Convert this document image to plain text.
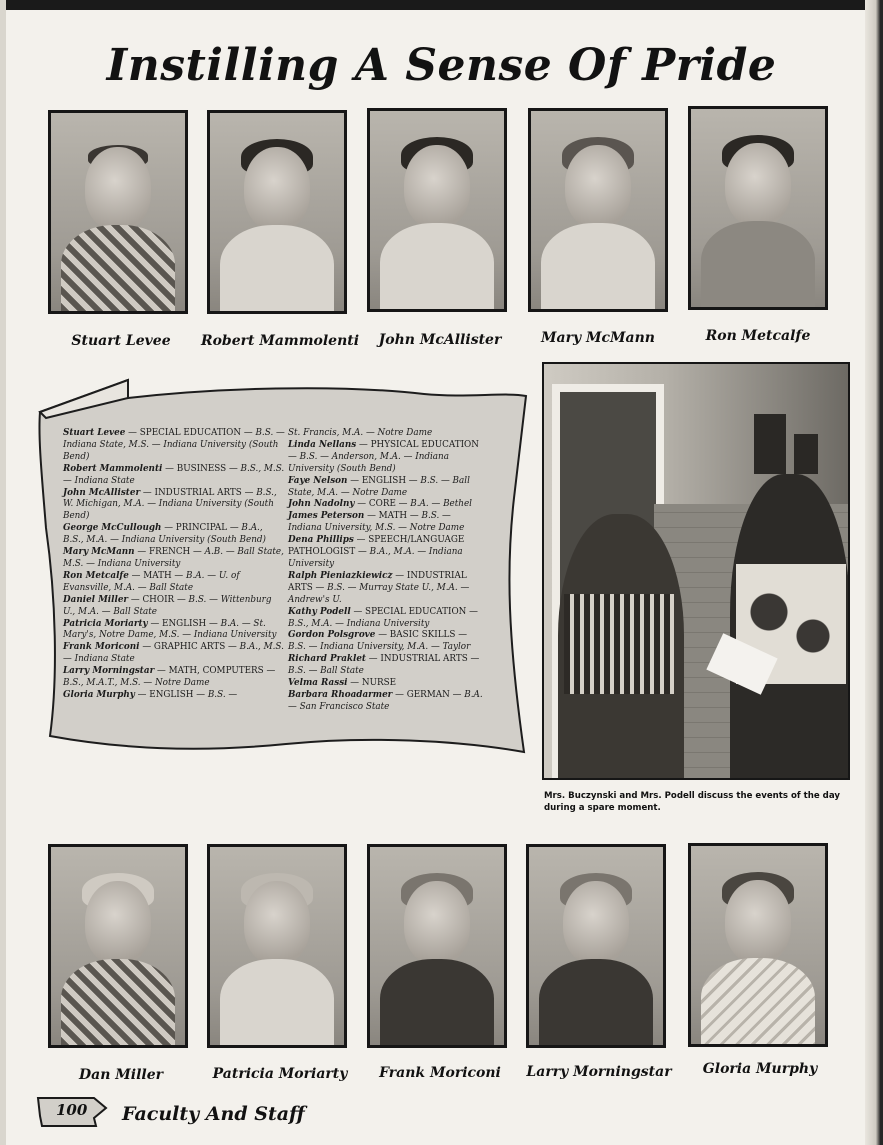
Instilling A Sense Of Pride
Stuart Levee	Robert Mammolenti	John McAllister	Mary McMann	Ron Metcalfe

Stuart Levee — SPECIAL EDUCATION — B.S. — Indiana State, M.S. — Indiana University (South Bend)

Robert Mammolenti — BUSINESS — B.S., M.S. — Indiana State

John McAllister — INDUSTRIAL ARTS — B.S., W. Michigan, M.A. — Indiana University (South Bend)

George McCullough — PRINCIPAL — B.A., B.S., M.A. — Indiana University (South Bend)

Mary McMann — FRENCH — A.B. — Ball State, M.S. — Indiana University

Ron Metcalfe — MATH — B.A. — U. of Evansville, M.A. — Ball State

Daniel Miller — CHOIR — B.S. — Wittenburg U., M.A. — Ball State

Patricia Moriarty — ENGLISH — B.A. — St. Mary's, Notre Dame, M.S. — Indiana University

Frank Moriconi — GRAPHIC ARTS — B.A., M.S. — Indiana State

Larry Morningstar — MATH, COMPUTERS — B.S., M.A.T., M.S. — Notre Dame

Gloria Murphy — ENGLISH — B.S. —

St. Francis, M.A. — Notre Dame

Linda Nellans — PHYSICAL EDUCATION — B.S. — Anderson, M.A. — Indiana University (South Bend)

Faye Nelson — ENGLISH — B.S. — Ball State, M.A. — Notre Dame

John Nadolny — CORE — B.A. — Bethel

James Peterson — MATH — B.S. — Indiana University, M.S. — Notre Dame

Dena Phillips — SPEECH/LANGUAGE PATHOLOGIST — B.A., M.A. — Indiana University

Ralph Pieniazkiewicz — INDUSTRIAL ARTS — B.S. — Murray State U., M.A. — Andrew's U.

Kathy Podell — SPECIAL EDUCATION — B.S., M.A. — Indiana University

Gordon Polsgrove — BASIC SKILLS — B.S. — Indiana University, M.A. — Taylor

Richard Praklet — INDUSTRIAL ARTS — B.S. — Ball State

Velma Rassi — NURSE

Barbara Rhoadarmer — GERMAN — B.A. — San Francisco State

Mrs. Buczynski and Mrs. Podell discuss the events of the day during a spare moment.
Dan Miller	Patricia Moriarty	Frank Moriconi	Larry Morningstar	Gloria Murphy
100 Faculty And Staff
